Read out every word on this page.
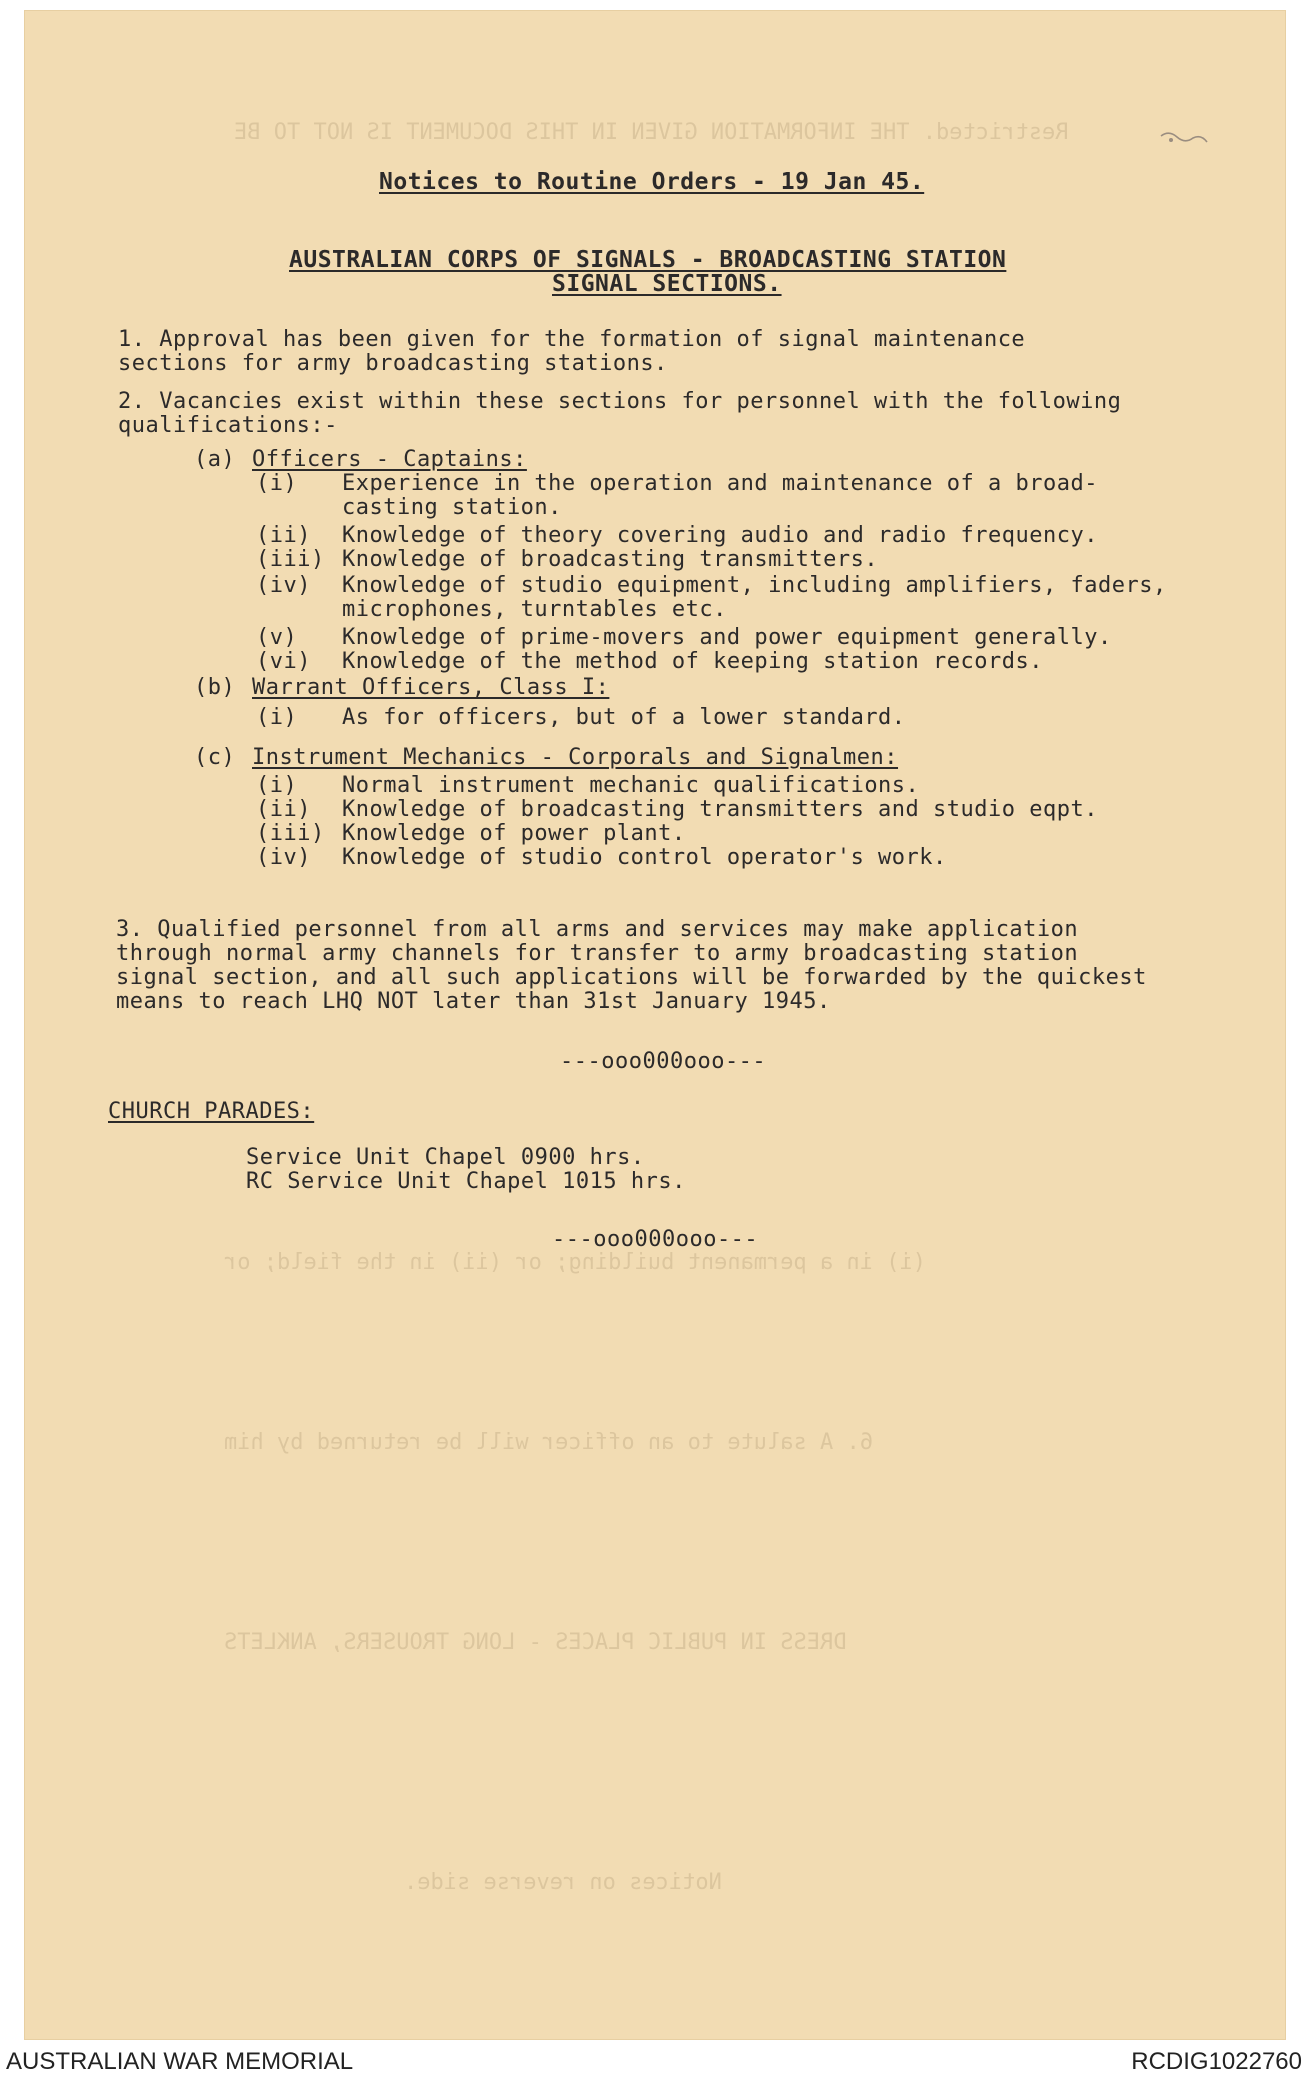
Restricted. THE INFORMATION GIVEN IN THIS DOCUMENT IS NOT TO BE
Notices to Routine Orders - 19 Jan 45.
AUSTRALIAN CORPS OF SIGNALS - BROADCASTING STATION
SIGNAL SECTIONS.
1. Approval has been given for the formation of signal maintenance
sections for army broadcasting stations.
2. Vacancies exist within these sections for personnel with the following
qualifications:-
(a) Officers - Captains:
(i) Experience in the operation and maintenance of a broad-
casting station.
(ii) Knowledge of theory covering audio and radio frequency.
(iii) Knowledge of broadcasting transmitters.
(iv) Knowledge of studio equipment, including amplifiers, faders,
microphones, turntables etc.
(v) Knowledge of prime-movers and power equipment generally.
(vi) Knowledge of the method of keeping station records.
(b) Warrant Officers, Class I:
(i) As for officers, but of a lower standard.
(c) Instrument Mechanics - Corporals and Signalmen:
(i) Normal instrument mechanic qualifications.
(ii) Knowledge of broadcasting transmitters and studio eqpt.
(iii) Knowledge of power plant.
(iv) Knowledge of studio control operator's work.
3. Qualified personnel from all arms and services may make application
through normal army channels for transfer to army broadcasting station
signal section, and all such applications will be forwarded by the quickest
means to reach LHQ NOT later than 31st January 1945.
---ooo000ooo---
CHURCH PARADES:
Service Unit Chapel 0900 hrs.
RC Service Unit Chapel 1015 hrs.
---ooo000ooo---
(i) in a permanent building; or (ii) in the field; or
6. A salute to an officer will be returned by him
DRESS IN PUBLIC PLACES - LONG TROUSERS, ANKLETS
Notices on reverse side.
AUSTRALIAN WAR MEMORIAL	RCDIG1022760
